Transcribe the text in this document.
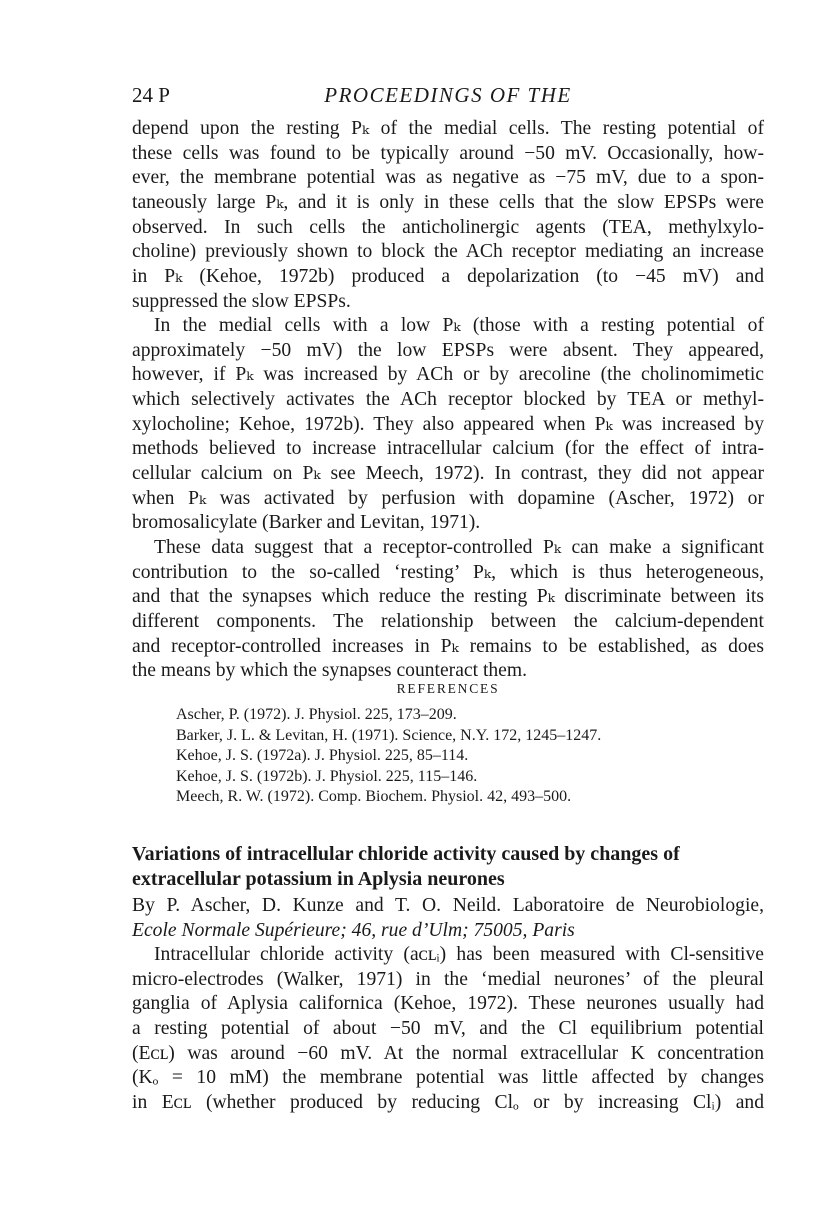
24 P	PROCEEDINGS OF THE
depend upon the resting Pₖ of the medial cells. The resting potential of
these cells was found to be typically around −50 mV. Occasionally, how-
ever, the membrane potential was as negative as −75 mV, due to a spon-
taneously large Pₖ, and it is only in these cells that the slow EPSPs were
observed. In such cells the anticholinergic agents (TEA, methylxylo-
choline) previously shown to block the ACh receptor mediating an increase
in Pₖ (Kehoe, 1972b) produced a depolarization (to −45 mV) and
suppressed the slow EPSPs.
In the medial cells with a low Pₖ (those with a resting potential of
approximately −50 mV) the low EPSPs were absent. They appeared,
however, if Pₖ was increased by ACh or by arecoline (the cholinomimetic
which selectively activates the ACh receptor blocked by TEA or methyl-
xylocholine; Kehoe, 1972b). They also appeared when Pₖ was increased by
methods believed to increase intracellular calcium (for the effect of intra-
cellular calcium on Pₖ see Meech, 1972). In contrast, they did not appear
when Pₖ was activated by perfusion with dopamine (Ascher, 1972) or
bromosalicylate (Barker and Levitan, 1971).
These data suggest that a receptor-controlled Pₖ can make a significant
contribution to the so-called ‘resting’ Pₖ, which is thus heterogeneous,
and that the synapses which reduce the resting Pₖ discriminate between its
different components. The relationship between the calcium-dependent
and receptor-controlled increases in Pₖ remains to be established, as does
the means by which the synapses counteract them.
REFERENCES
Ascher, P. (1972). J. Physiol. 225, 173–209.
Barker, J. L. & Levitan, H. (1971). Science, N.Y. 172, 1245–1247.
Kehoe, J. S. (1972a). J. Physiol. 225, 85–114.
Kehoe, J. S. (1972b). J. Physiol. 225, 115–146.
Meech, R. W. (1972). Comp. Biochem. Physiol. 42, 493–500.
Variations of intracellular chloride activity caused by changes of
extracellular potassium in Aplysia neurones
By P. Ascher, D. Kunze and T. O. Neild. Laboratoire de Neurobiologie,
Ecole Normale Supérieure; 46, rue d’Ulm; 75005, Paris
Intracellular chloride activity (aᴄʟᵢ) has been measured with Cl-sensitive
micro-electrodes (Walker, 1971) in the ‘medial neurones’ of the pleural
ganglia of Aplysia californica (Kehoe, 1972). These neurones usually had
a resting potential of about −50 mV, and the Cl equilibrium potential
(Eᴄʟ) was around −60 mV. At the normal extracellular K concentration
(Kₒ = 10 mM) the membrane potential was little affected by changes
in Eᴄʟ (whether produced by reducing Clₒ or by increasing Clᵢ) and
